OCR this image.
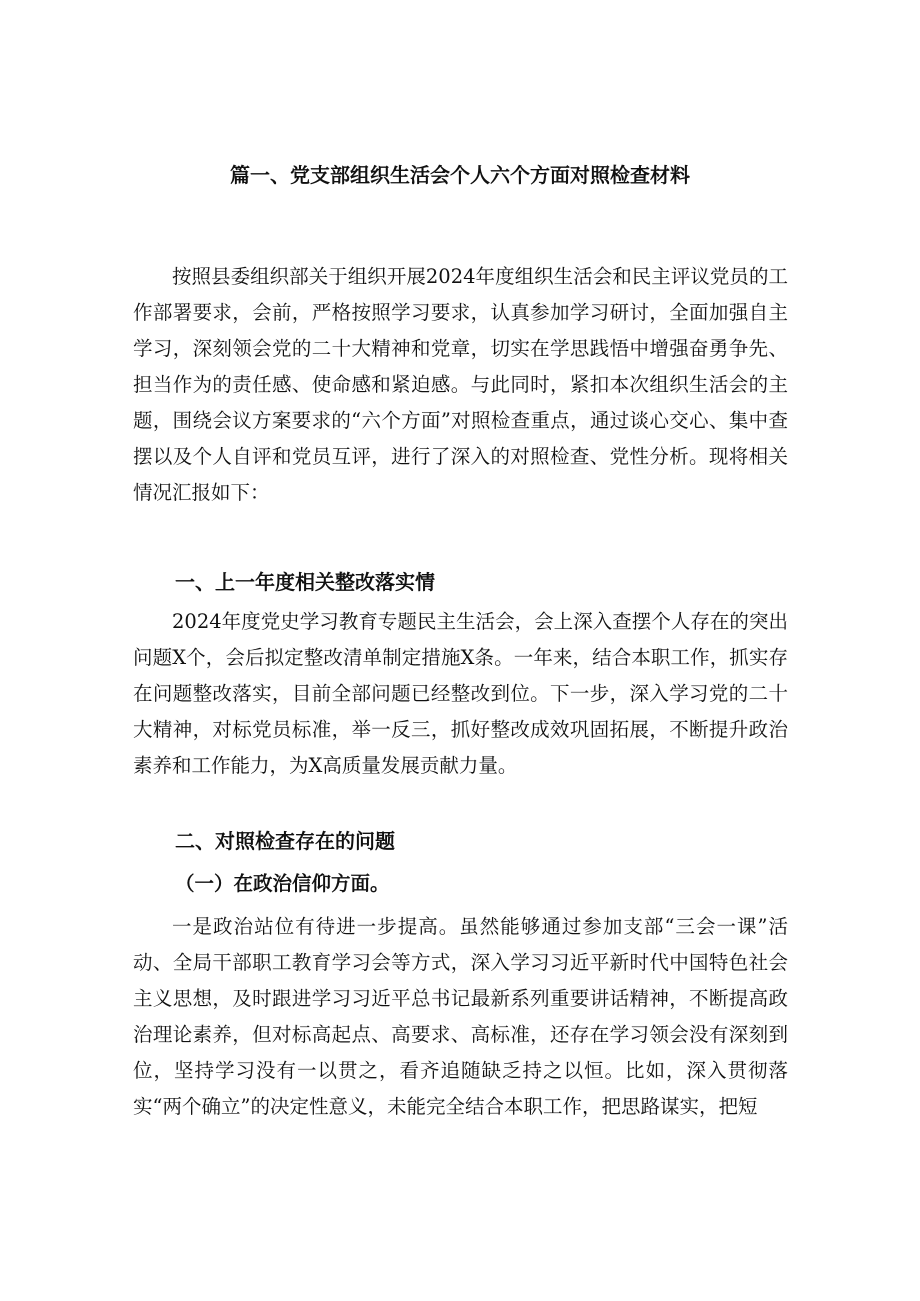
篇一、党支部组织生活会个人六个方面对照检查材料

按照县委组织部关于组织开展2024年度组织生活会和民主评议党员的工作部署要求，会前，严格按照学习要求，认真参加学习研讨，全面加强自主学习，深刻领会党的二十大精神和党章，切实在学思践悟中增强奋勇争先、担当作为的责任感、使命感和紧迫感。与此同时，紧扣本次组织生活会的主题，围绕会议方案要求的“六个方面”对照检查重点，通过谈心交心、集中查摆以及个人自评和党员互评，进行了深入的对照检查、党性分析。现将相关情况汇报如下：

一、上一年度相关整改落实情

2024年度党史学习教育专题民主生活会，会上深入查摆个人存在的突出问题X个，会后拟定整改清单制定措施X条。一年来，结合本职工作，抓实存在问题整改落实，目前全部问题已经整改到位。下一步，深入学习党的二十大精神，对标党员标准，举一反三，抓好整改成效巩固拓展，不断提升政治素养和工作能力，为X高质量发展贡献力量。

二、对照检查存在的问题
（一）在政治信仰方面。

一是政治站位有待进一步提高。虽然能够通过参加支部“三会一课”活动、全局干部职工教育学习会等方式，深入学习习近平新时代中国特色社会主义思想，及时跟进学习习近平总书记最新系列重要讲话精神，不断提高政治理论素养，但对标高起点、高要求、高标准，还存在学习领会没有深刻到位，坚持学习没有一以贯之，看齐追随缺乏持之以恒。比如，深入贯彻落实“两个确立”的决定性意义，未能完全结合本职工作，把思路谋实，把短
